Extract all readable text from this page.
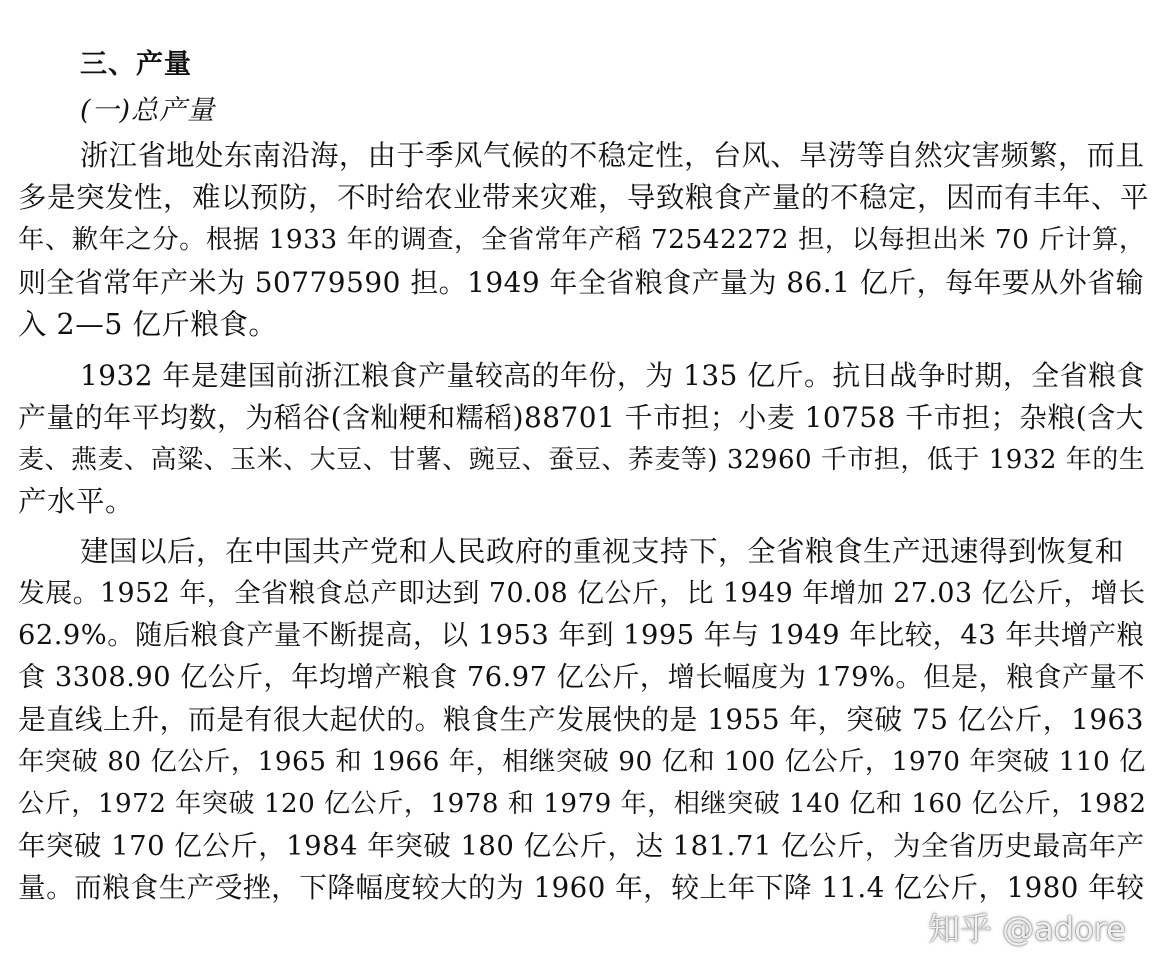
三、产量
(一)总产量
浙江省地处东南沿海，由于季风气候的不稳定性，台风、旱涝等自然灾害频繁，而且
多是突发性，难以预防，不时给农业带来灾难，导致粮食产量的不稳定，因而有丰年、平
年、歉年之分。根据 1933 年的调查，全省常年产稻 72542272 担，以每担出米 70 斤计算，
则全省常年产米为 50779590 担。1949 年全省粮食产量为 86.1 亿斤，每年要从外省输
入 2—5 亿斤粮食。
1932 年是建国前浙江粮食产量较高的年份，为 135 亿斤。抗日战争时期，全省粮食
产量的年平均数，为稻谷(含籼粳和糯稻)88701 千市担；小麦 10758 千市担；杂粮(含大
麦、燕麦、高粱、玉米、大豆、甘薯、豌豆、蚕豆、荞麦等) 32960 千市担，低于 1932 年的生
产水平。
建国以后，在中国共产党和人民政府的重视支持下，全省粮食生产迅速得到恢复和
发展。1952 年，全省粮食总产即达到 70.08 亿公斤，比 1949 年增加 27.03 亿公斤，增长
62.9%。随后粮食产量不断提高，以 1953 年到 1995 年与 1949 年比较，43 年共增产粮
食 3308.90 亿公斤，年均增产粮食 76.97 亿公斤，增长幅度为 179%。但是，粮食产量不
是直线上升，而是有很大起伏的。粮食生产发展快的是 1955 年，突破 75 亿公斤，1963
年突破 80 亿公斤，1965 和 1966 年，相继突破 90 亿和 100 亿公斤，1970 年突破 110 亿
公斤，1972 年突破 120 亿公斤，1978 和 1979 年，相继突破 140 亿和 160 亿公斤，1982
年突破 170 亿公斤，1984 年突破 180 亿公斤，达 181.71 亿公斤，为全省历史最高年产
量。而粮食生产受挫，下降幅度较大的为 1960 年，较上年下降 11.4 亿公斤，1980 年较
知乎 @adore
